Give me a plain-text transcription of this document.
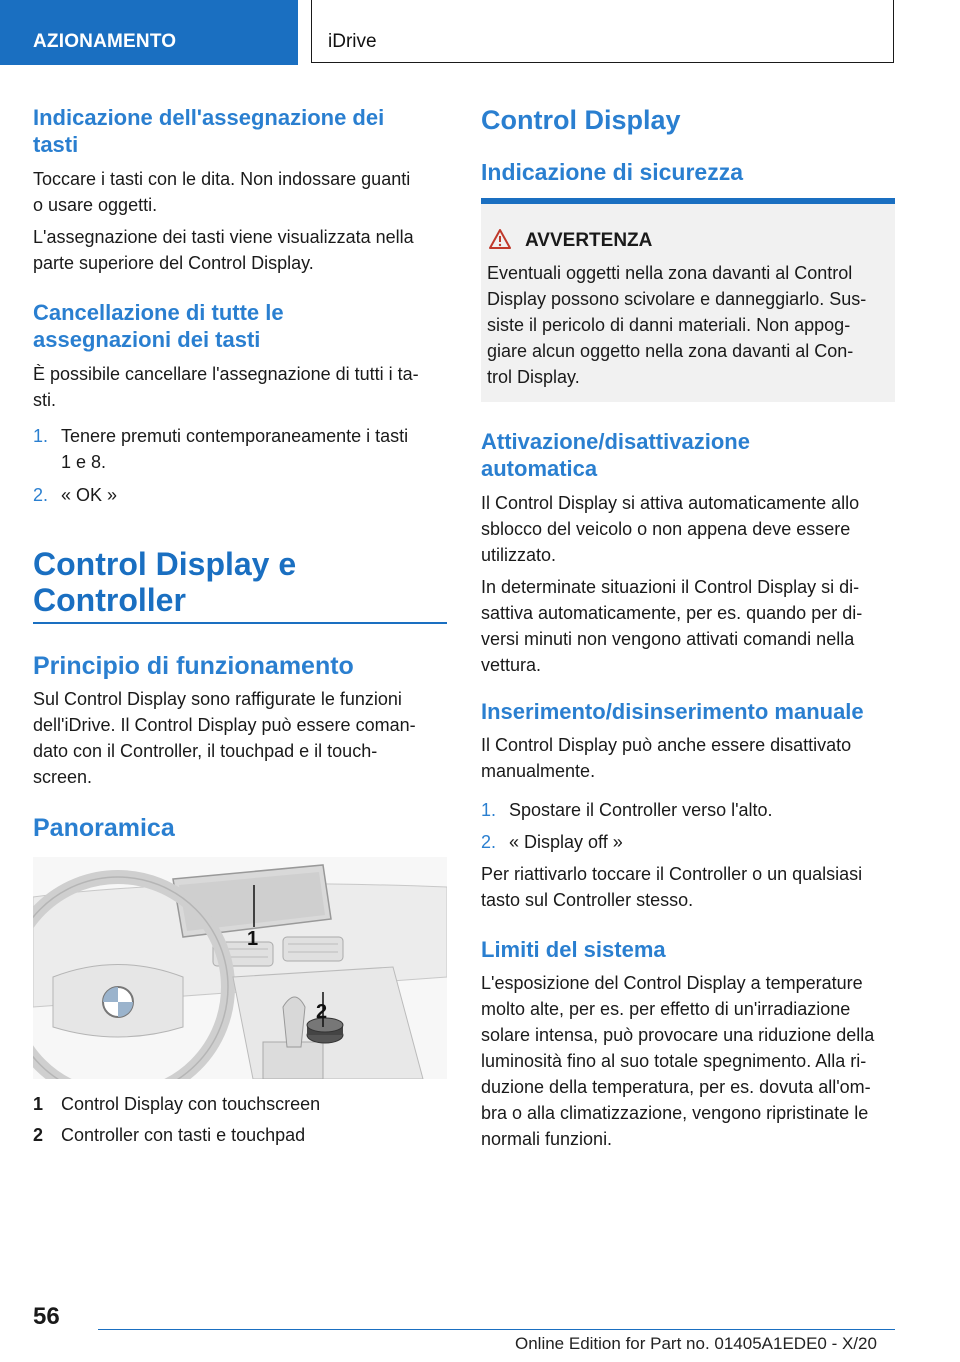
AZIONAMENTO	iDrive
Indicazione dell'assegnazione dei
tasti
Toccare i tasti con le dita. Non indossare guanti
o usare oggetti.
L'assegnazione dei tasti viene visualizzata nella
parte superiore del Control Display.
Cancellazione di tutte le
assegnazioni dei tasti
È possibile cancellare l'assegnazione di tutti i ta-
sti.
1. Tenere premuti contemporaneamente i tasti
1 e 8.
2. « OK »
Control Display e
Controller
Principio di funzionamento
Sul Control Display sono raffigurate le funzioni
dell'iDrive. Il Control Display può essere coman-
dato con il Controller, il touchpad e il touch-
screen.
Panoramica
1
2
1 Control Display con touchscreen
2 Controller con tasti e touchpad
Control Display
Indicazione di sicurezza
AVVERTENZA
Eventuali oggetti nella zona davanti al Control
Display possono scivolare e danneggiarlo. Sus-
siste il pericolo di danni materiali. Non appog-
giare alcun oggetto nella zona davanti al Con-
trol Display.
Attivazione/disattivazione
automatica
Il Control Display si attiva automaticamente allo
sblocco del veicolo o non appena deve essere
utilizzato.
In determinate situazioni il Control Display si di-
sattiva automaticamente, per es. quando per di-
versi minuti non vengono attivati comandi nella
vettura.
Inserimento/disinserimento manuale
Il Control Display può anche essere disattivato
manualmente.
1. Spostare il Controller verso l'alto.
2. « Display off »
Per riattivarlo toccare il Controller o un qualsiasi
tasto sul Controller stesso.
Limiti del sistema
L'esposizione del Control Display a temperature
molto alte, per es. per effetto di un'irradiazione
solare intensa, può provocare una riduzione della
luminosità fino al suo totale spegnimento. Alla ri-
duzione della temperatura, per es. dovuta all'om-
bra o alla climatizzazione, vengono ripristinate le
normali funzioni.
56
Online Edition for Part no. 01405A1EDE0 - X/20
